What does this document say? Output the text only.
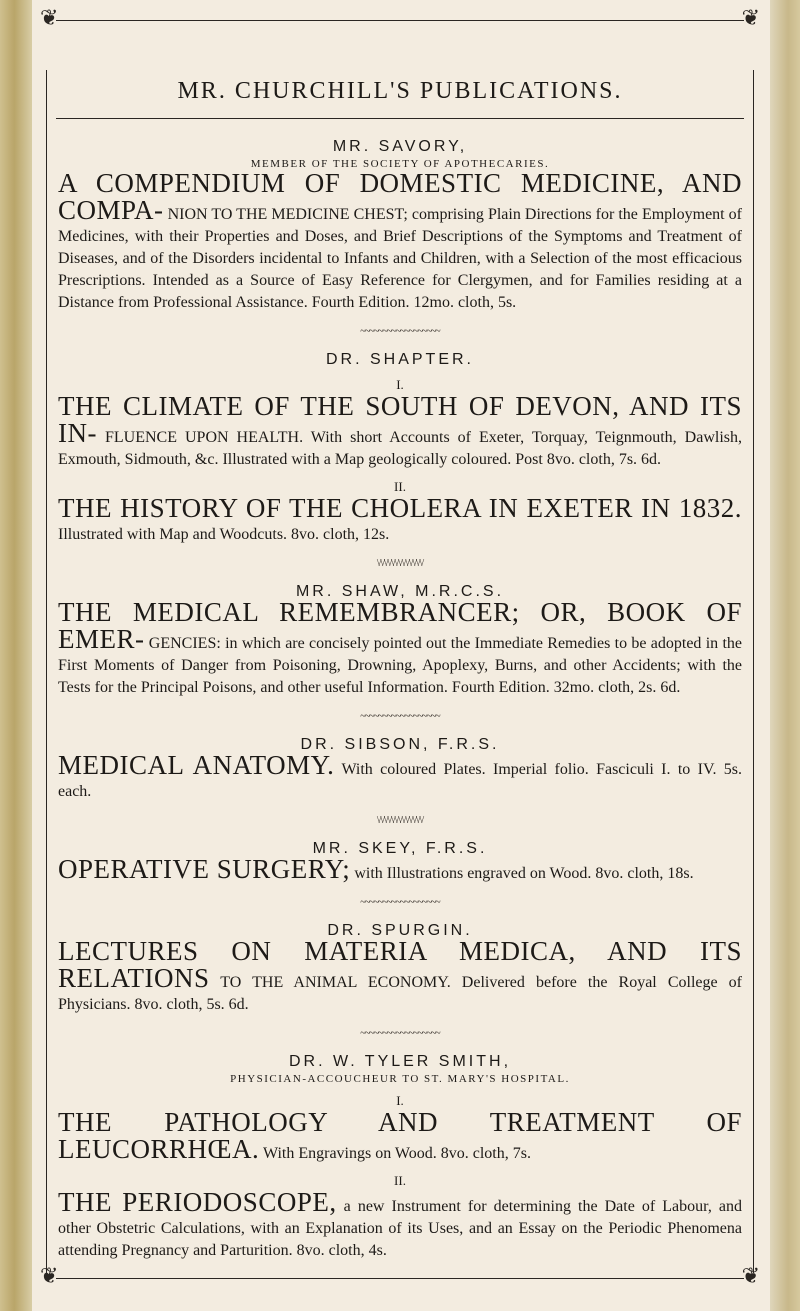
❦	❦
MR. CHURCHILL'S PUBLICATIONS.

MR. SAVORY,

MEMBER OF THE SOCIETY OF APOTHECARIES.

A COMPENDIUM OF DOMESTIC MEDICINE, AND COMPA- NION TO THE MEDICINE CHEST; comprising Plain Directions for the Employment of Medicines, with their Properties and Doses, and Brief Descriptions of the Symptoms and Treatment of Diseases, and of the Disorders incidental to Infants and Children, with a Selection of the most efficacious Prescriptions. Intended as a Source of Easy Reference for Clergymen, and for Families residing at a Distance from Professional Assistance. Fourth Edition. 12mo. cloth, 5s.

~~~~~~~~~~~~~~~~~~

DR. SHAPTER.

I.

THE CLIMATE OF THE SOUTH OF DEVON, AND ITS IN- FLUENCE UPON HEALTH. With short Accounts of Exeter, Torquay, Teignmouth, Dawlish, Exmouth, Sidmouth, &c. Illustrated with a Map geologically coloured. Post 8vo. cloth, 7s. 6d.

II.

THE HISTORY OF THE CHOLERA IN EXETER IN 1832. Illustrated with Map and Woodcuts. 8vo. cloth, 12s.

\/\/\/\/\/\/\/\/\/\/\/\/\/

MR. SHAW, M.R.C.S.

THE MEDICAL REMEMBRANCER; OR, BOOK OF EMER- GENCIES: in which are concisely pointed out the Immediate Remedies to be adopted in the First Moments of Danger from Poisoning, Drowning, Apoplexy, Burns, and other Accidents; with the Tests for the Principal Poisons, and other useful Information. Fourth Edition. 32mo. cloth, 2s. 6d.

~~~~~~~~~~~~~~~~~~

DR. SIBSON, F.R.S.

MEDICAL ANATOMY. With coloured Plates. Imperial folio. Fasciculi I. to IV. 5s. each.

\/\/\/\/\/\/\/\/\/\/\/\/\/

MR. SKEY, F.R.S.

OPERATIVE SURGERY; with Illustrations engraved on Wood. 8vo. cloth, 18s.

~~~~~~~~~~~~~~~~~~

DR. SPURGIN.

LECTURES ON MATERIA MEDICA, AND ITS RELATIONS TO THE ANIMAL ECONOMY. Delivered before the Royal College of Physicians. 8vo. cloth, 5s. 6d.

~~~~~~~~~~~~~~~~~~

DR. W. TYLER SMITH,

PHYSICIAN-ACCOUCHEUR TO ST. MARY'S HOSPITAL.

I.

THE PATHOLOGY AND TREATMENT OF LEUCORRHŒA. With Engravings on Wood. 8vo. cloth, 7s.

II.

THE PERIODOSCOPE, a new Instrument for determining the Date of Labour, and other Obstetric Calculations, with an Explanation of its Uses, and an Essay on the Periodic Phenomena attending Pregnancy and Parturition. 8vo. cloth, 4s.

❦	❦
